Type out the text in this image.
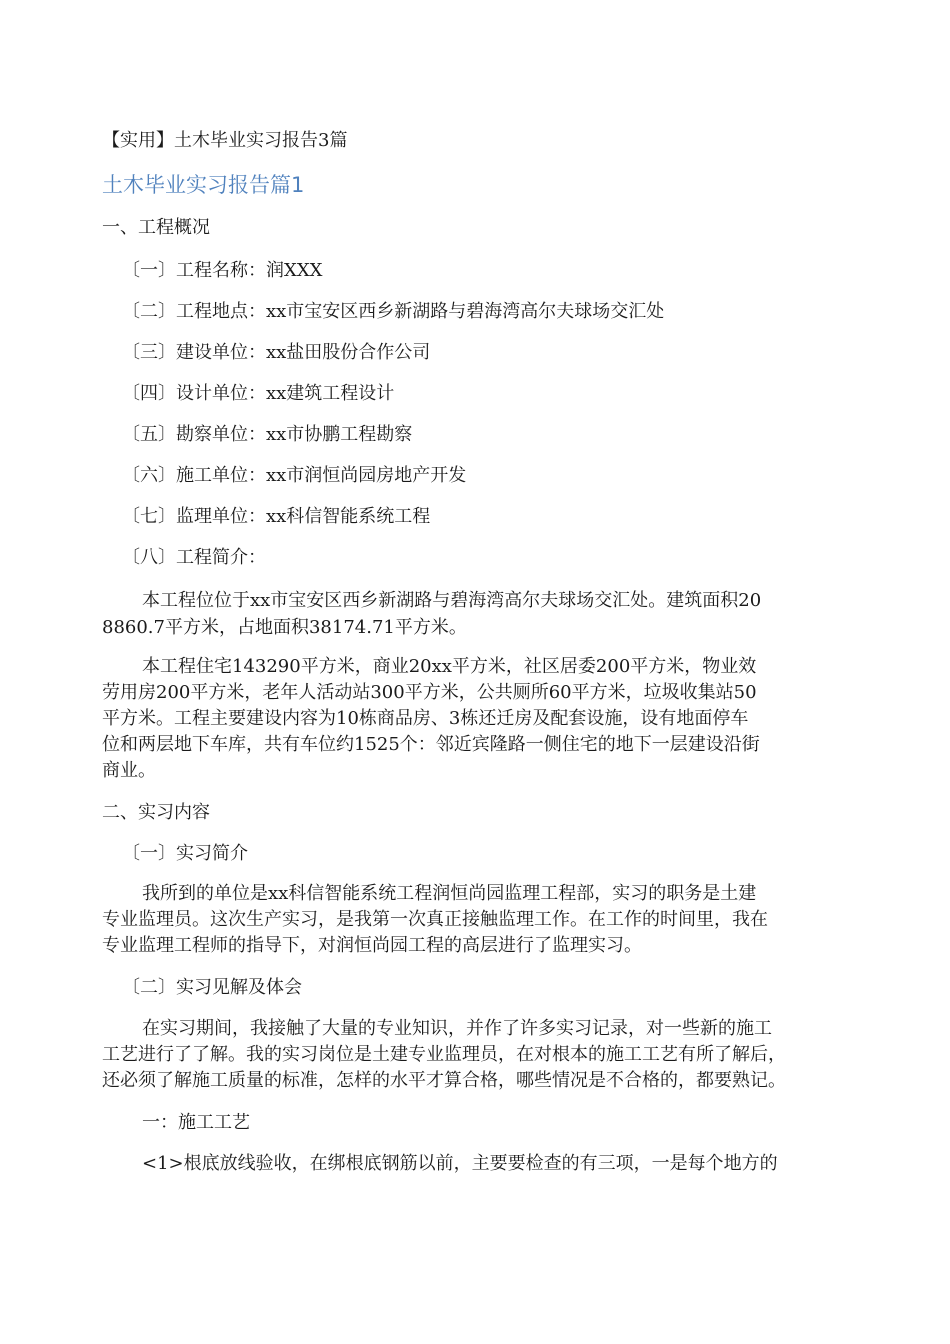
【实用】土木毕业实习报告3篇
土木毕业实习报告篇1
一、工程概况
〔一〕工程名称：润XXX
〔二〕工程地点：xx市宝安区西乡新湖路与碧海湾高尔夫球场交汇处
〔三〕建设单位：xx盐田股份合作公司
〔四〕设计单位：xx建筑工程设计
〔五〕勘察单位：xx市协鹏工程勘察
〔六〕施工单位：xx市润恒尚园房地产开发
〔七〕监理单位：xx科信智能系统工程
〔八〕工程简介：
本工程位位于xx市宝安区西乡新湖路与碧海湾高尔夫球场交汇处。建筑面积20
8860.7平方米，占地面积38174.71平方米。
本工程住宅143290平方米，商业20xx平方米，社区居委200平方米，物业效
劳用房200平方米，老年人活动站300平方米，公共厕所60平方米，垃圾收集站50
平方米。工程主要建设内容为10栋商品房、3栋还迁房及配套设施，设有地面停车
位和两层地下车库，共有车位约1525个：邻近宾隆路一侧住宅的地下一层建设沿街
商业。
二、实习内容
〔一〕实习简介
我所到的单位是xx科信智能系统工程润恒尚园监理工程部，实习的职务是土建
专业监理员。这次生产实习，是我第一次真正接触监理工作。在工作的时间里，我在
专业监理工程师的指导下，对润恒尚园工程的高层进行了监理实习。
〔二〕实习见解及体会
在实习期间，我接触了大量的专业知识，并作了许多实习记录，对一些新的施工
工艺进行了了解。我的实习岗位是土建专业监理员，在对根本的施工工艺有所了解后，
还必须了解施工质量的标准，怎样的水平才算合格，哪些情况是不合格的，都要熟记。
一：施工工艺
<1>根底放线验收，在绑根底钢筋以前，主要要检查的有三项，一是每个地方的
